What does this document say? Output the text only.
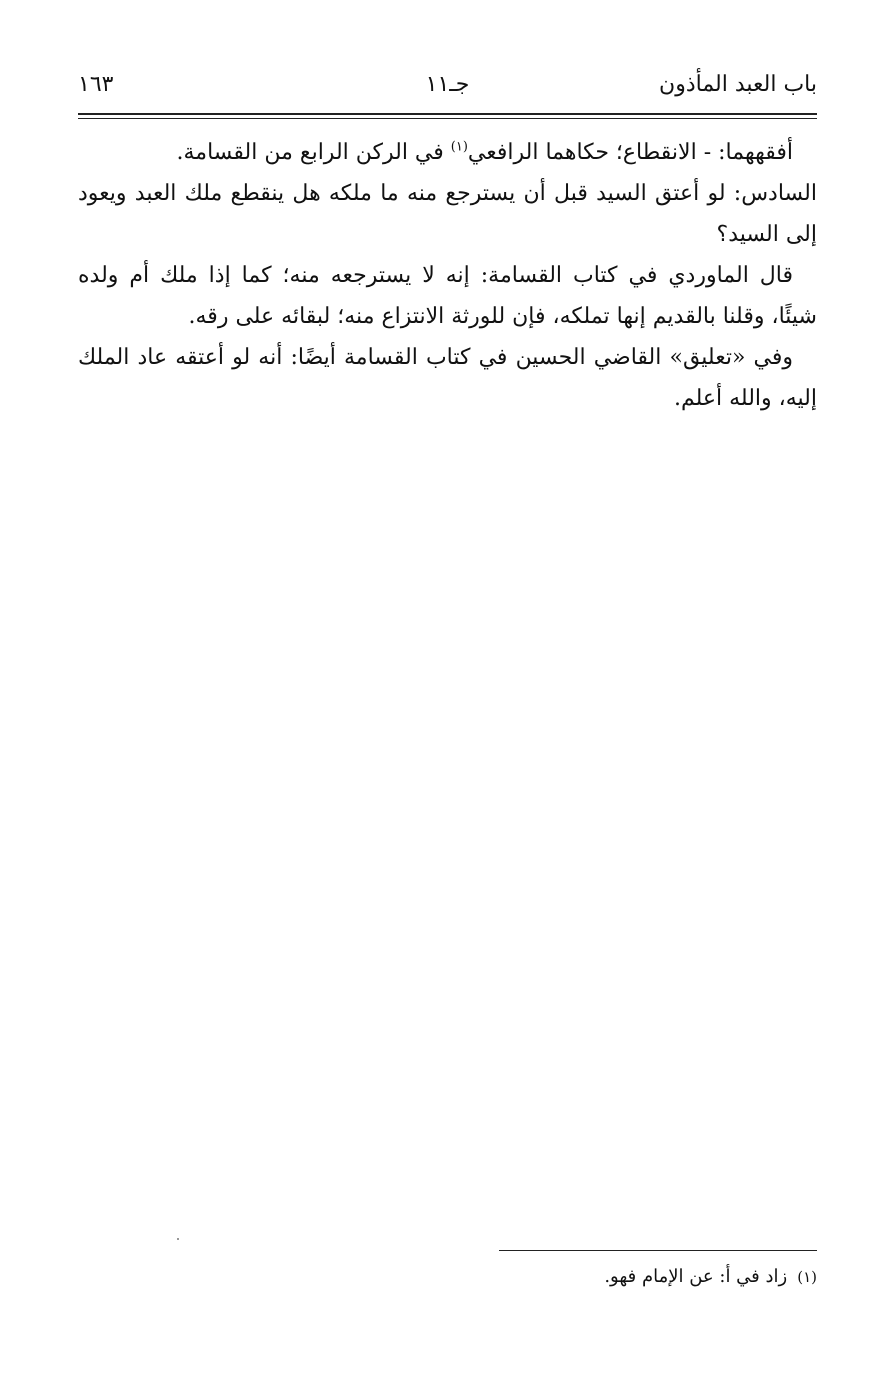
باب العبد المأذون
جـ١١
١٦٣

أفقههما: - الانقطاع؛ حكاهما الرافعي$^{(١)}$ في الركن الرابع من القسامة.

السادس: لو أعتق السيد قبل أن يسترجع منه ما ملكه هل ينقطع ملك العبد ويعود إلى السيد؟

قال الماوردي في كتاب القسامة: إنه لا يسترجعه منه؛ كما إذا ملك أم ولده شيئًا، وقلنا بالقديم إنها تملكه، فإن للورثة الانتزاع منه؛ لبقائه على رقه.

وفي «تعليق» القاضي الحسين في كتاب القسامة أيضًا: أنه لو أعتقه عاد الملك إليه، والله أعلم.

(١)زاد في أ: عن الإمام فهو.
